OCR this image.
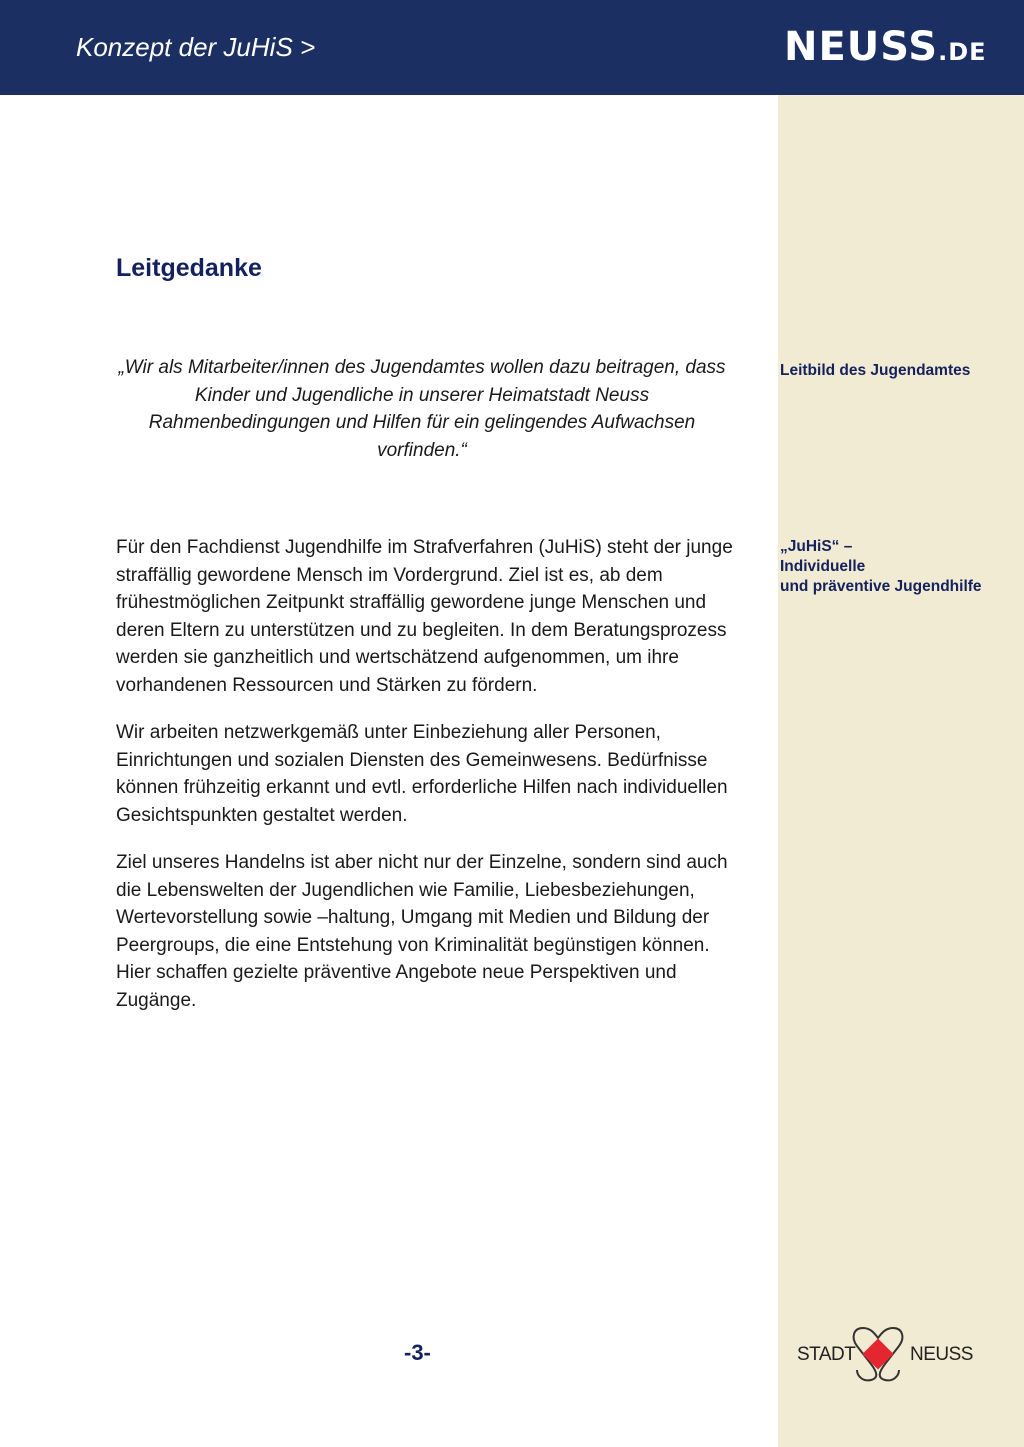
Konzept der JuHiS >	NEUSS.DE
Leitgedanke
„Wir als Mitarbeiter/innen des Jugendamtes wollen dazu beitragen, dass Kinder und Jugendliche in unserer Heimatstadt Neuss Rahmenbedingungen und Hilfen für ein gelingendes Aufwachsen vorfinden.“
Leitbild des Jugendamtes
„JuHiS“ –
Individuelle
und präventive Jugendhilfe

Für den Fachdienst Jugendhilfe im Strafverfahren (JuHiS) steht der junge straffällig gewordene Mensch im Vordergrund. Ziel ist es, ab dem frühestmöglichen Zeitpunkt straffällig gewordene junge Menschen und deren Eltern zu unterstützen und zu begleiten. In dem Beratungsprozess werden sie ganzheitlich und wertschätzend aufgenommen, um ihre vorhandenen Ressourcen und Stärken zu fördern.

Wir arbeiten netzwerkgemäß unter Einbeziehung aller Personen, Einrichtungen und sozialen Diensten des Gemeinwesens. Bedürfnisse können frühzeitig erkannt und evtl. erforderliche Hilfen nach individuellen Gesichtspunkten gestaltet werden.

Ziel unseres Handelns ist aber nicht nur der Einzelne, sondern sind auch die Lebenswelten der Jugendlichen wie Familie, Liebesbeziehungen, Wertevorstellung sowie –haltung, Umgang mit Medien und Bildung der Peergroups, die eine Entstehung von Kriminalität begünstigen können. Hier schaffen gezielte präventive Angebote neue Perspektiven und Zugänge.

-3-	STADT	NEUSS
